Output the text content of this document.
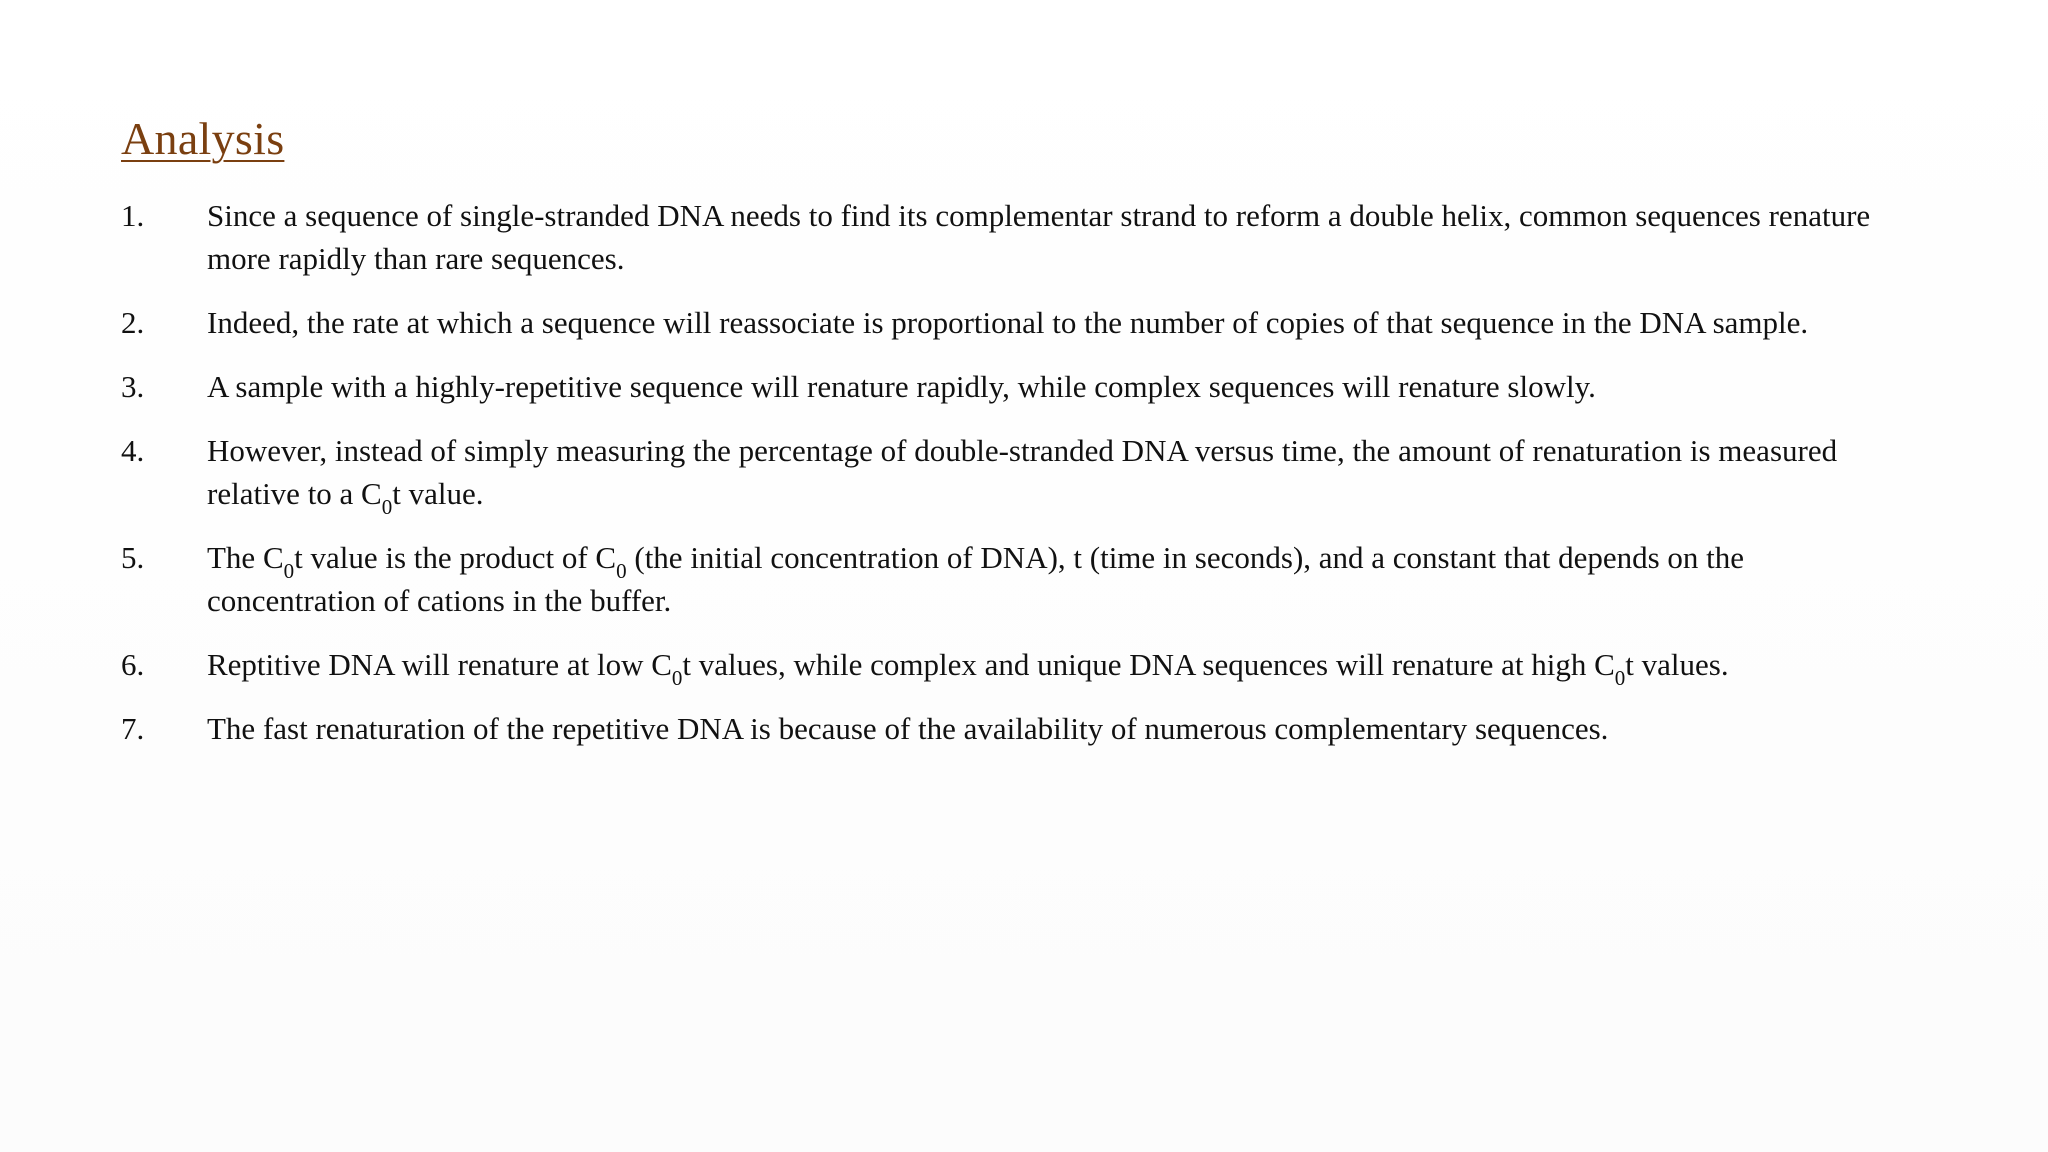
Analysis
1.	Since a sequence of single-stranded DNA needs to find its complementar strand to reform a double helix, common sequences renature more rapidly than rare sequences.
2.	Indeed, the rate at which a sequence will reassociate is proportional to the number of copies of that sequence in the DNA sample.
3.	A sample with a highly-repetitive sequence will renature rapidly, while complex sequences will renature slowly.
4.	However, instead of simply measuring the percentage of double-stranded DNA versus time, the amount of renaturation is measured relative to a $C_0t$ value.
5.	The $C_0t$ value is the product of $C_0$ (the initial concentration of DNA), t (time in seconds), and a constant that depends on the concentration of cations in the buffer.
6.	Reptitive DNA will renature at low $C_0t$ values, while complex and unique DNA sequences will renature at high $C_0t$ values.
7.	The fast renaturation of the repetitive DNA is because of the availability of numerous complementary sequences.
